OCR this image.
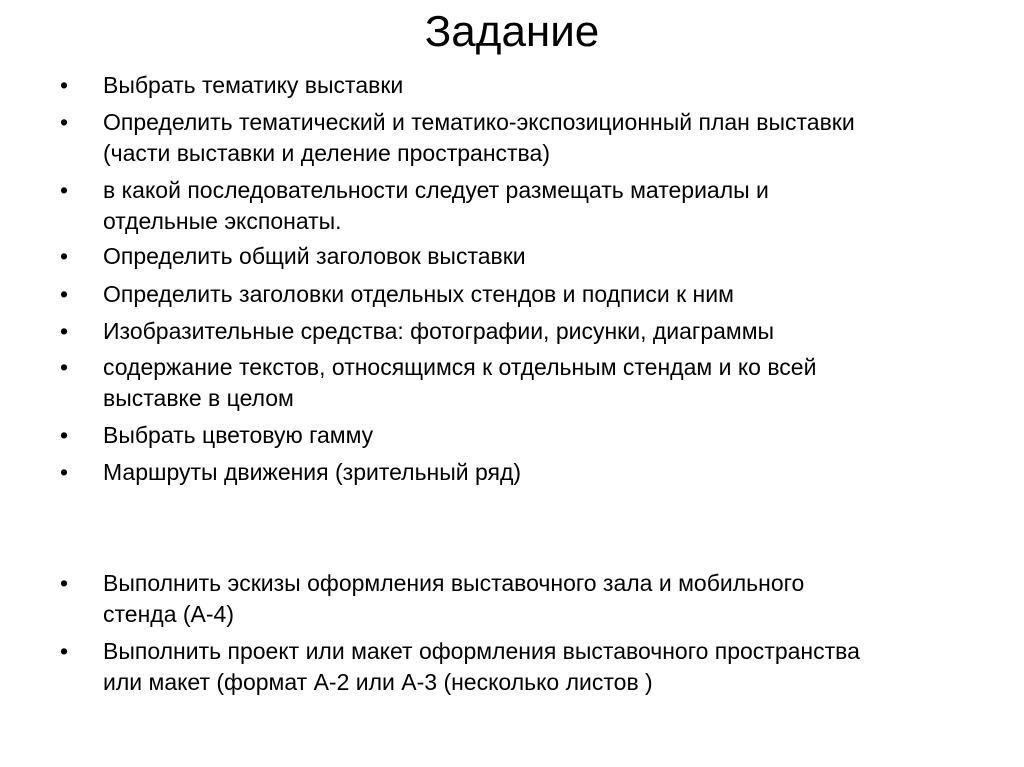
Задание
• Выбрать тематику выставки
• Определить тематический и тематико-экспозиционный план выставки
(части выставки и деление пространства)
• в какой последовательности следует размещать материалы и
отдельные экспонаты.
• Определить общий заголовок выставки
• Определить заголовки отдельных стендов и подписи к ним
• Изобразительные средства: фотографии, рисунки, диаграммы
• содержание текстов, относящимся к отдельным стендам и ко всей
выставке в целом
• Выбрать цветовую гамму
• Маршруты движения (зрительный ряд)
• Выполнить эскизы оформления выставочного зала и мобильного
стенда (А-4)
• Выполнить проект или макет оформления выставочного пространства
или макет (формат А-2 или А-3 (несколько листов )
